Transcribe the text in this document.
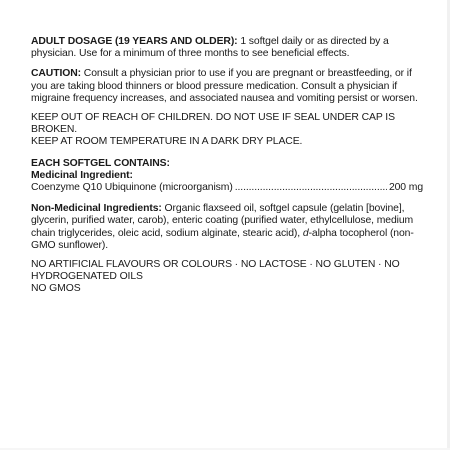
ADULT DOSAGE (19 YEARS AND OLDER): 1 softgel daily or as directed by a physician. Use for a minimum of three months to see beneficial effects.

CAUTION: Consult a physician prior to use if you are pregnant or breastfeeding, or if you are taking blood thinners or blood pressure medication. Consult a physician if migraine frequency increases, and associated nausea and vomiting persist or worsen.

KEEP OUT OF REACH OF CHILDREN. DO NOT USE IF SEAL UNDER CAP IS BROKEN.

KEEP AT ROOM TEMPERATURE IN A DARK DRY PLACE.

EACH SOFTGEL CONTAINS:

Medicinal Ingredient:

Coenzyme Q10 Ubiquinone (microorganism)
.....	200 mg

Non-Medicinal Ingredients: Organic flaxseed oil, softgel capsule (gelatin [bovine], glycerin, purified water, carob), enteric coating (purified water, ethylcellulose, medium chain triglycerides, oleic acid, sodium alginate, stearic acid), d-alpha tocopherol (non-GMO sunflower).

NO ARTIFICIAL FLAVOURS OR COLOURS · NO LACTOSE · NO GLUTEN · NO HYDROGENATED OILS

NO GMOS
